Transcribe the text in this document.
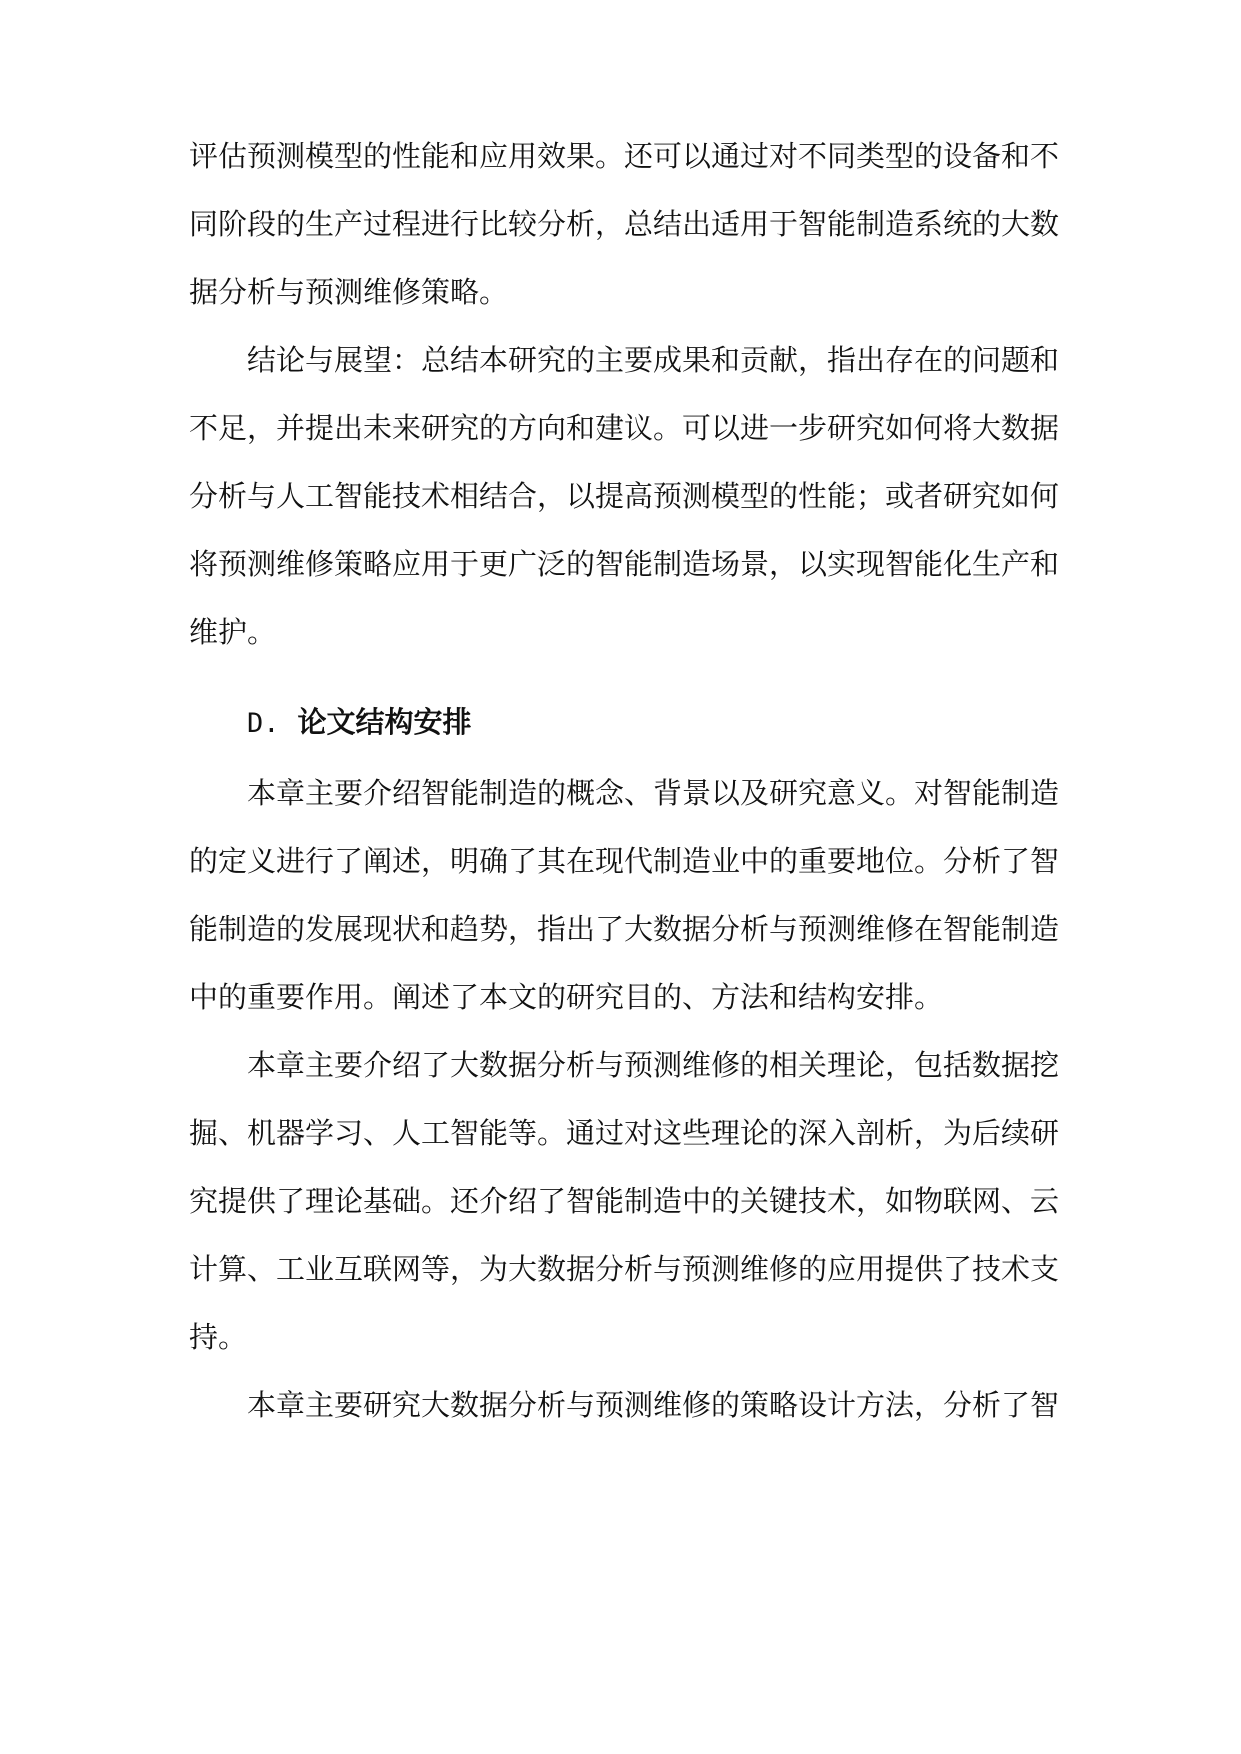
评估预测模型的性能和应用效果。还可以通过对不同类型的设备和不
同阶段的生产过程进行比较分析，总结出适用于智能制造系统的大数
据分析与预测维修策略。
结论与展望：总结本研究的主要成果和贡献，指出存在的问题和
不足，并提出未来研究的方向和建议。可以进一步研究如何将大数据
分析与人工智能技术相结合，以提高预测模型的性能；或者研究如何
将预测维修策略应用于更广泛的智能制造场景，以实现智能化生产和
维护。
D. 论文结构安排
本章主要介绍智能制造的概念、背景以及研究意义。对智能制造
的定义进行了阐述，明确了其在现代制造业中的重要地位。分析了智
能制造的发展现状和趋势，指出了大数据分析与预测维修在智能制造
中的重要作用。阐述了本文的研究目的、方法和结构安排。
本章主要介绍了大数据分析与预测维修的相关理论，包括数据挖
掘、机器学习、人工智能等。通过对这些理论的深入剖析，为后续研
究提供了理论基础。还介绍了智能制造中的关键技术，如物联网、云
计算、工业互联网等，为大数据分析与预测维修的应用提供了技术支
持。
本章主要研究大数据分析与预测维修的策略设计方法，分析了智
